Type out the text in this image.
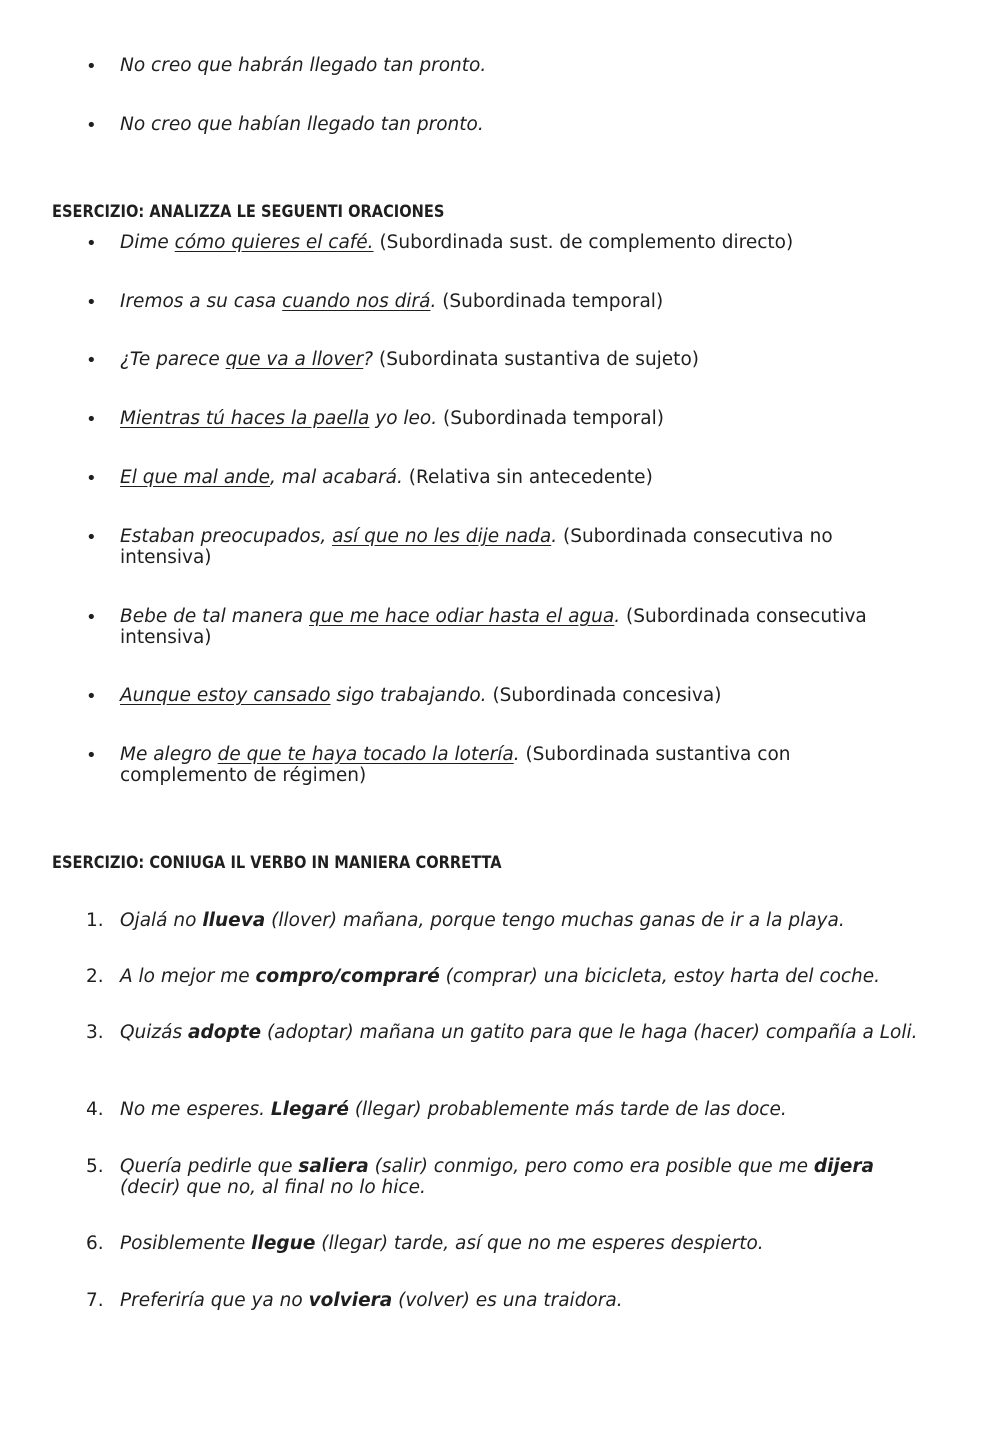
• No creo que habrán llegado tan pronto.
• No creo que habían llegado tan pronto.
ESERCIZIO: ANALIZZA LE SEGUENTI ORACIONES
• Dime cómo quieres el café. (Subordinada sust. de complemento directo)
• Iremos a su casa cuando nos dirá. (Subordinada temporal)
• ¿Te parece que va a llover? (Subordinata sustantiva de sujeto)
• Mientras tú haces la paella yo leo. (Subordinada temporal)
• El que mal ande, mal acabará. (Relativa sin antecedente)
• Estaban preocupados, así que no les dije nada. (Subordinada consecutiva no intensiva)
• Bebe de tal manera que me hace odiar hasta el agua. (Subordinada consecutiva intensiva)
• Aunque estoy cansado sigo trabajando. (Subordinada concesiva)
• Me alegro de que te haya tocado la lotería. (Subordinada sustantiva con complemento de régimen)
ESERCIZIO: CONIUGA IL VERBO IN MANIERA CORRETTA
1. Ojalá no llueva (llover) mañana, porque tengo muchas ganas de ir a la playa.
2. A lo mejor me compro/compraré (comprar) una bicicleta, estoy harta del coche.
3. Quizás adopte (adoptar) mañana un gatito para que le haga (hacer) compañía a Loli.
4. No me esperes. Llegaré (llegar) probablemente más tarde de las doce.
5. Quería pedirle que saliera (salir) conmigo, pero como era posible que me dijera (decir) que no, al final no lo hice.
6. Posiblemente llegue (llegar) tarde, así que no me esperes despierto.
7. Preferiría que ya no volviera (volver) es una traidora.
